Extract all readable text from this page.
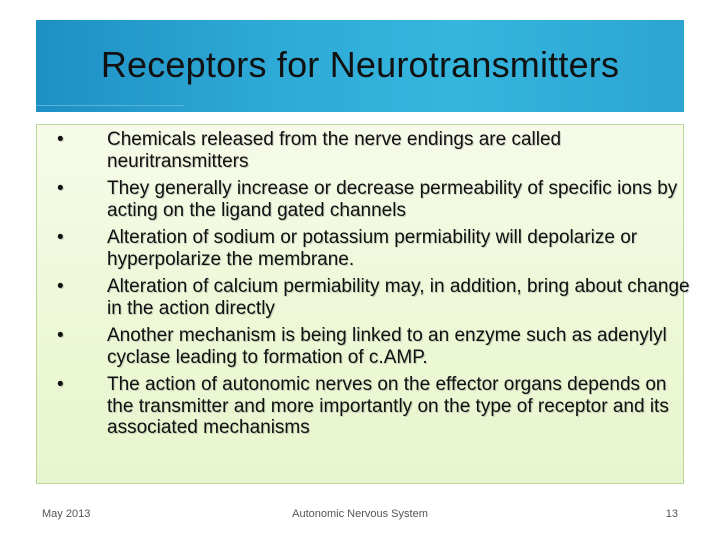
Receptors for Neurotransmitters
•	Chemicals released from the nerve endings are called neuritransmitters
•	They generally increase or decrease permeability of specific ions by acting on the ligand gated channels
•	Alteration of sodium or potassium permiability will depolarize or hyperpolarize the membrane.
•	Alteration of calcium permiability may, in addition, bring about change in the action directly
•	Another mechanism is being linked to an enzyme such as adenylyl cyclase leading to formation of c.AMP.
•	The action of autonomic nerves on the effector organs depends on the transmitter and more importantly on the type of receptor and its associated mechanisms
May 2013	Autonomic Nervous System	13
